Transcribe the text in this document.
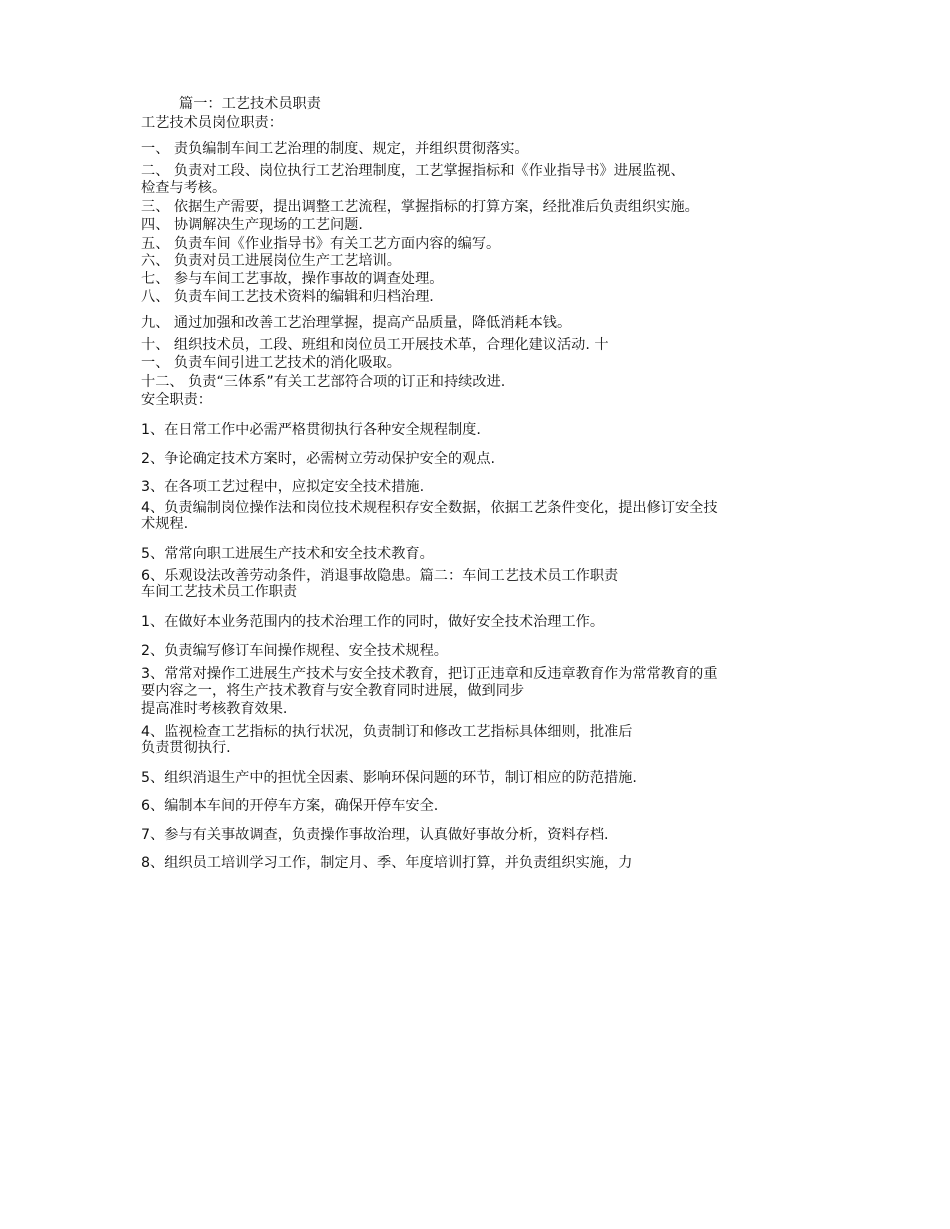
篇一：工艺技术员职责
工艺技术员岗位职责：
一、 责负编制车间工艺治理的制度、规定，并组织贯彻落实。
二、 负责对工段、岗位执行工艺治理制度，工艺掌握指标和《作业指导书》进展监视、
检查与考核。
三、 依据生产需要，提出调整工艺流程，掌握指标的打算方案，经批准后负责组织实施。
四、 协调解决生产现场的工艺问题.
五、 负责车间《作业指导书》有关工艺方面内容的编写。
六、 负责对员工进展岗位生产工艺培训。
七、 参与车间工艺事故，操作事故的调查处理。
八、 负责车间工艺技术资料的编辑和归档治理.
九、 通过加强和改善工艺治理掌握，提高产品质量，降低消耗本钱。
十、 组织技术员，工段、班组和岗位员工开展技术革，合理化建议活动. 十
一、 负责车间引进工艺技术的消化吸取。
十二、 负责“三体系”有关工艺部符合项的订正和持续改进.
安全职责：
1、在日常工作中必需严格贯彻执行各种安全规程制度.
2、争论确定技术方案时，必需树立劳动保护安全的观点.
3、在各项工艺过程中，应拟定安全技术措施.
4、负责编制岗位操作法和岗位技术规程积存安全数据，依据工艺条件变化，提出修订安全技
术规程.
5、常常向职工进展生产技术和安全技术教育。
6、乐观设法改善劳动条件，消退事故隐患。篇二：车间工艺技术员工作职责
车间工艺技术员工作职责
1、在做好本业务范围内的技术治理工作的同时，做好安全技术治理工作。
2、负责编写修订车间操作规程、安全技术规程。
3、常常对操作工进展生产技术与安全技术教育，把订正违章和反违章教育作为常常教育的重
要内容之一，将生产技术教育与安全教育同时进展，做到同步
提高准时考核教育效果.
4、监视检查工艺指标的执行状况，负责制订和修改工艺指标具体细则，批准后
负责贯彻执行.
5、组织消退生产中的担忧全因素、影响环保问题的环节，制订相应的防范措施.
6、编制本车间的开停车方案，确保开停车安全.
7、参与有关事故调查，负责操作事故治理，认真做好事故分析，资料存档.
8、组织员工培训学习工作，制定月、季、年度培训打算，并负责组织实施，力
